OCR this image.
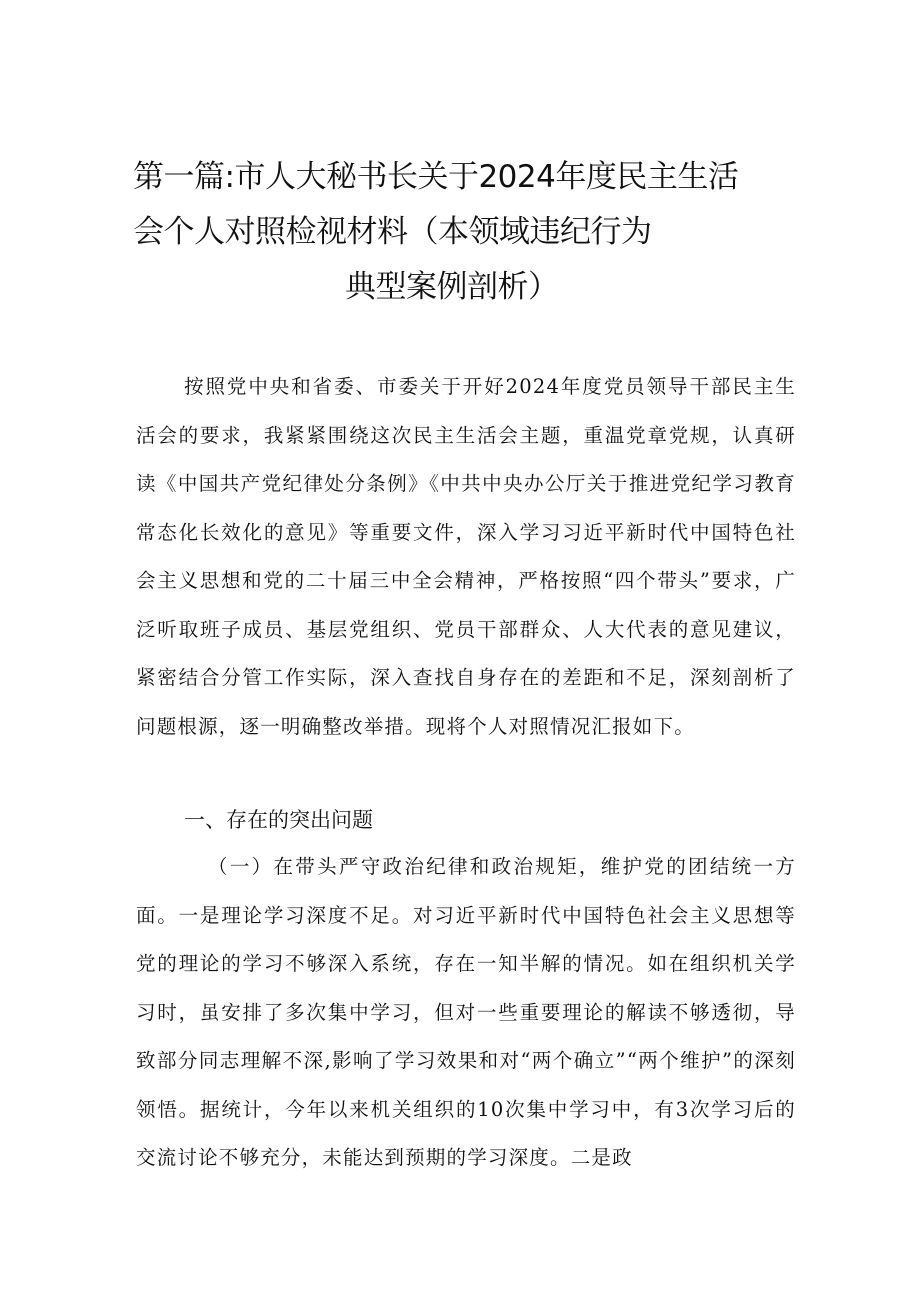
第一篇:市人大秘书长关于2024年度民主生活
会个人对照检视材料（本领域违纪行为
典型案例剖析）
按照党中央和省委、市委关于开好2024年度党员领导干部民主生活会的要求，我紧紧围绕这次民主生活会主题，重温党章党规，认真研读《中国共产党纪律处分条例》《中共中央办公厅关于推进党纪学习教育常态化长效化的意见》等重要文件，深入学习习近平新时代中国特色社会主义思想和党的二十届三中全会精神，严格按照“四个带头”要求，广泛听取班子成员、基层党组织、党员干部群众、人大代表的意见建议，紧密结合分管工作实际，深入查找自身存在的差距和不足，深刻剖析了问题根源，逐一明确整改举措。现将个人对照情况汇报如下。
一、存在的突出问题
（一）在带头严守政治纪律和政治规矩，维护党的团结统一方面。一是理论学习深度不足。对习近平新时代中国特色社会主义思想等党的理论的学习不够深入系统，存在一知半解的情况。如在组织机关学习时，虽安排了多次集中学习，但对一些重要理论的解读不够透彻，导致部分同志理解不深,影响了学习效果和对“两个确立”“两个维护”的深刻领悟。据统计，今年以来机关组织的10次集中学习中，有3次学习后的交流讨论不够充分，未能达到预期的学习深度。二是政
